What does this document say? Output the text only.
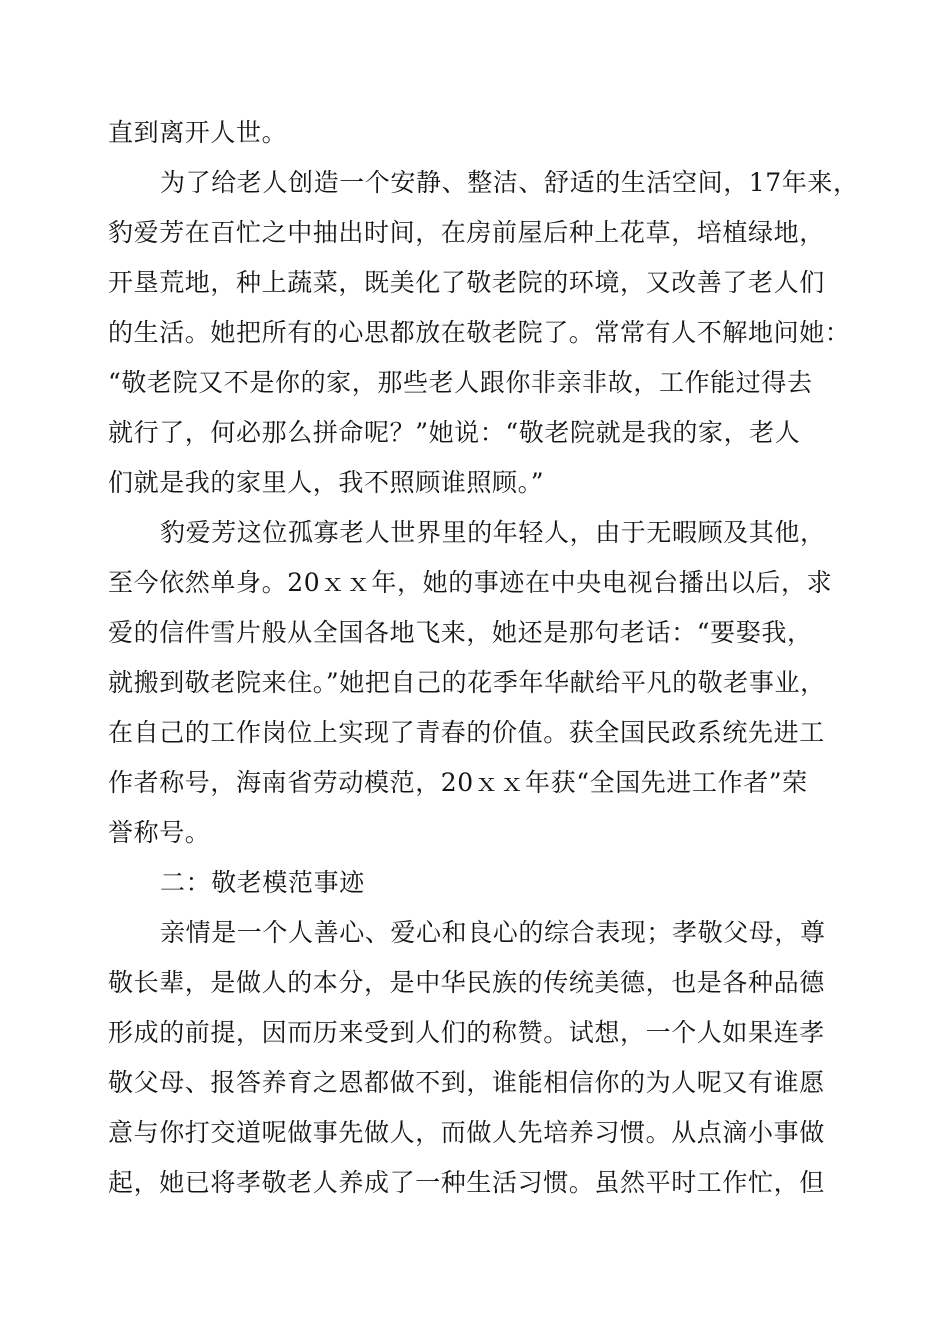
直到离开人世。
为了给老人创造一个安静、整洁、舒适的生活空间，17年来，
豹爱芳在百忙之中抽出时间，在房前屋后种上花草，培植绿地，
开垦荒地，种上蔬菜，既美化了敬老院的环境，又改善了老人们
的生活。她把所有的心思都放在敬老院了。常常有人不解地问她：
“敬老院又不是你的家，那些老人跟你非亲非故，工作能过得去
就行了，何必那么拼命呢？”她说：“敬老院就是我的家，老人
们就是我的家里人，我不照顾谁照顾。”
豹爱芳这位孤寡老人世界里的年轻人，由于无暇顾及其他，
至今依然单身。20ｘｘ年，她的事迹在中央电视台播出以后，求
爱的信件雪片般从全国各地飞来，她还是那句老话：“要娶我，
就搬到敬老院来住。”她把自己的花季年华献给平凡的敬老事业，
在自己的工作岗位上实现了青春的价值。获全国民政系统先进工
作者称号，海南省劳动模范，20ｘｘ年获“全国先进工作者”荣
誉称号。
二：敬老模范事迹
亲情是一个人善心、爱心和良心的综合表现；孝敬父母，尊
敬长辈，是做人的本分，是中华民族的传统美德，也是各种品德
形成的前提，因而历来受到人们的称赞。试想，一个人如果连孝
敬父母、报答养育之恩都做不到，谁能相信你的为人呢又有谁愿
意与你打交道呢做事先做人，而做人先培养习惯。从点滴小事做
起，她已将孝敬老人养成了一种生活习惯。虽然平时工作忙，但
